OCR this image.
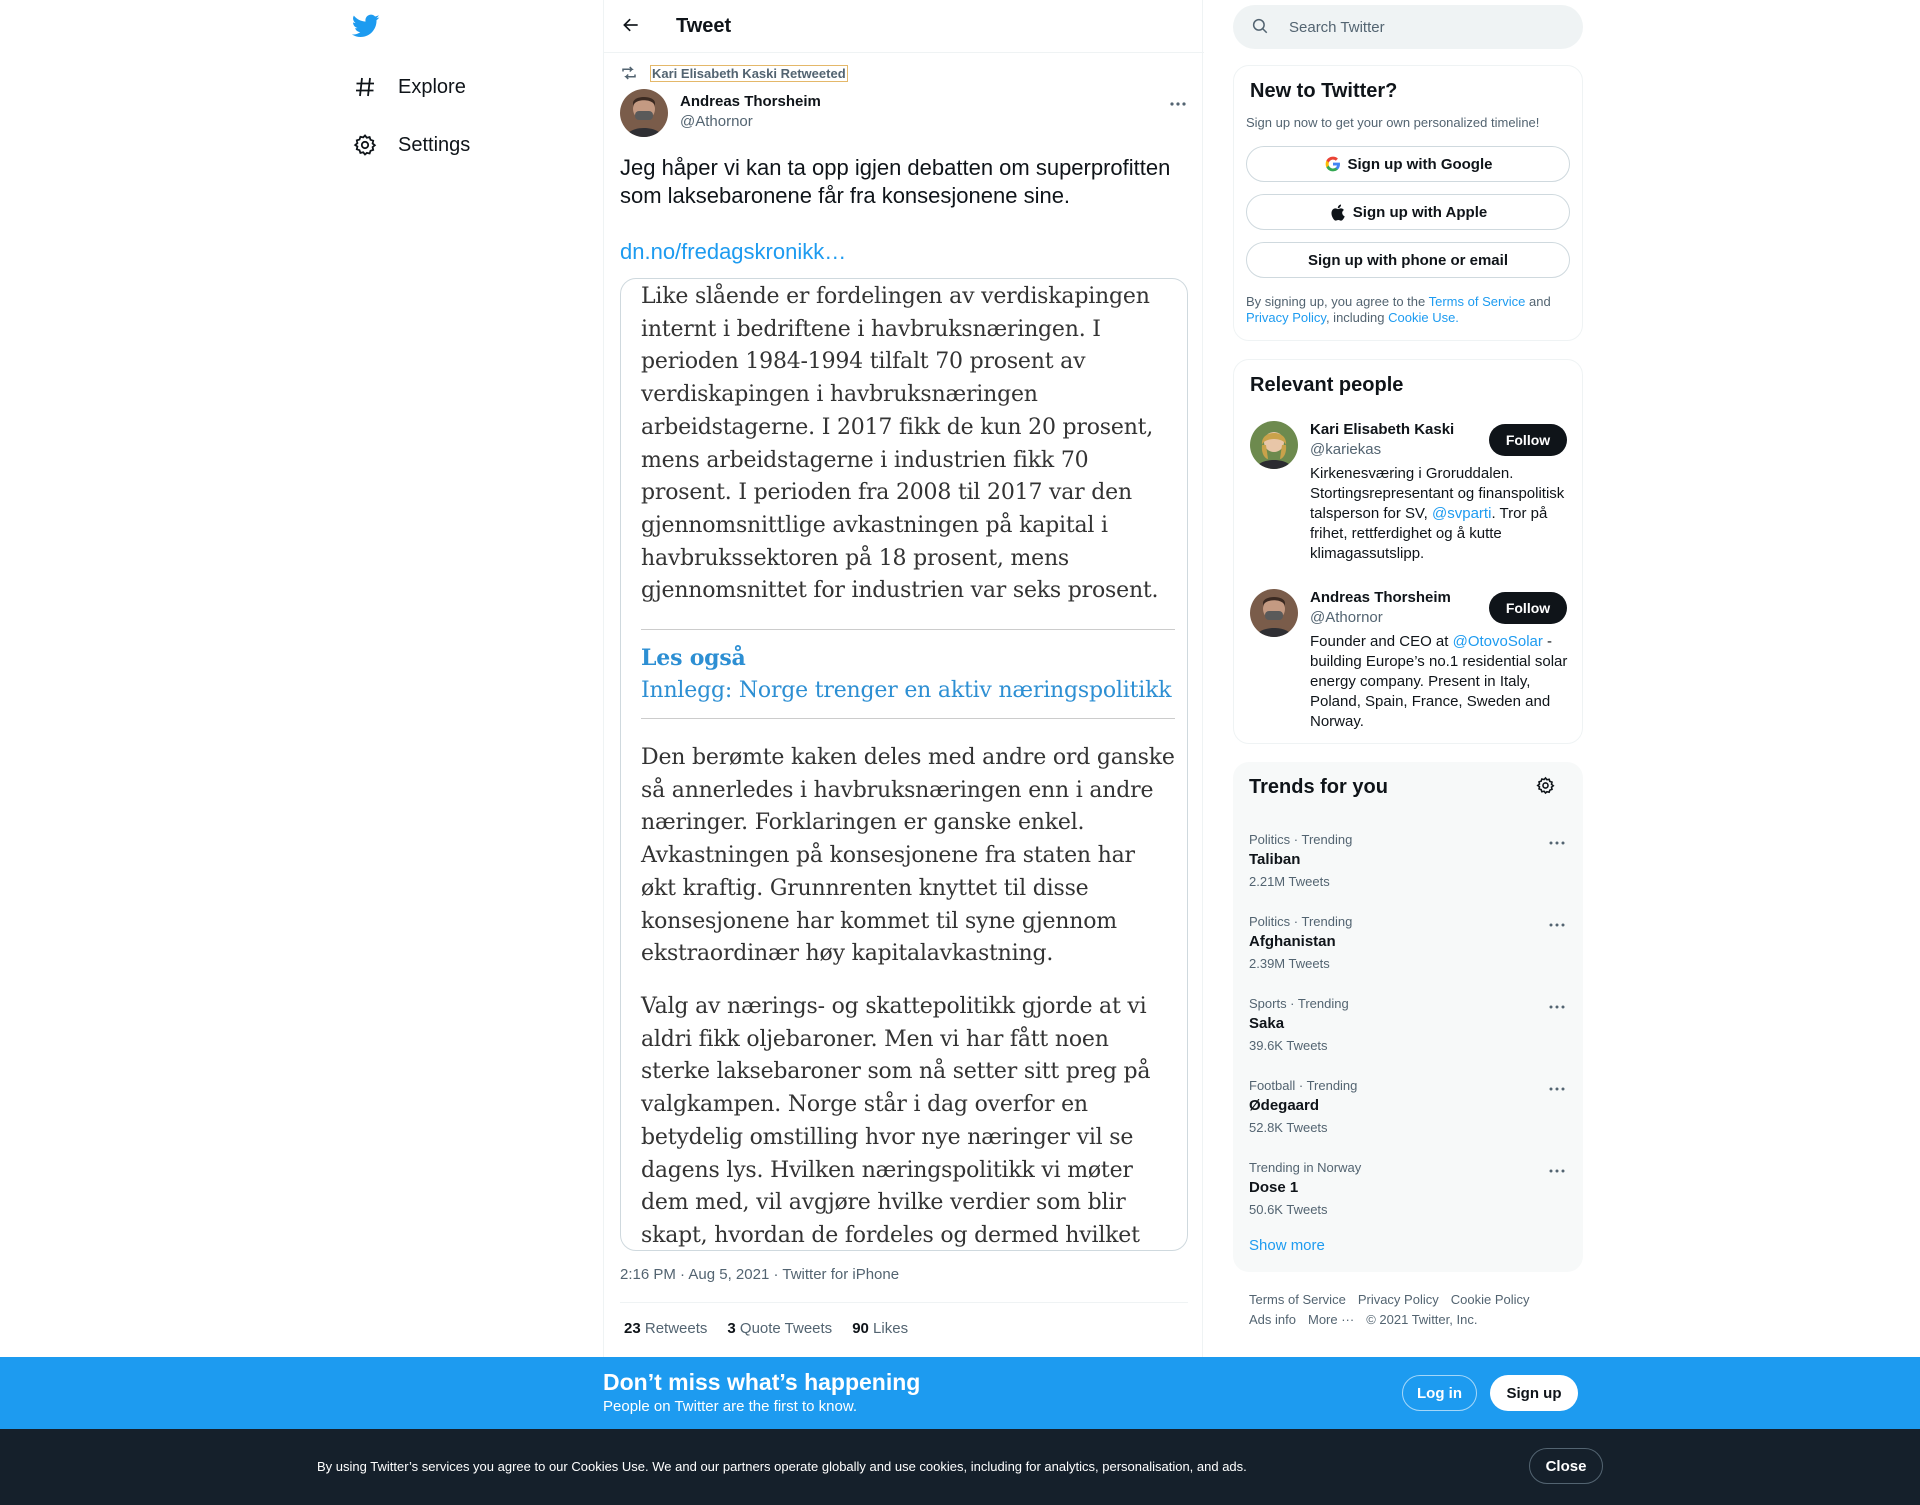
Explore
Settings
Tweet
Kari Elisabeth Kaski Retweeted
Andreas Thorsheim
@Athornor
Jeg håper vi kan ta opp igjen debatten om superprofitten som laksebaronene får fra konsesjonene sine.
dn.no/fredagskronikk…

Like slående er fordelingen av verdiskapingen internt i bedriftene i havbruksnæringen. I perioden 1984-1994 tilfalt 70 prosent av verdiskapingen i havbruksnæringen arbeidstagerne. I 2017 fikk de kun 20 prosent, mens arbeidstagerne i industrien fikk 70 prosent. I perioden fra 2008 til 2017 var den gjennomsnittlige avkastningen på kapital i havbrukssektoren på 18 prosent, mens gjennomsnittet for industrien var seks prosent.

Les også

Innlegg: Norge trenger en aktiv næringspolitikk

Den berømte kaken deles med andre ord ganske så annerledes i havbruksnæringen enn i andre næringer. Forklaringen er ganske enkel. Avkastningen på konsesjonene fra staten har økt kraftig. Grunnrenten knyttet til disse konsesjonene har kommet til syne gjennom ekstraordinær høy kapitalavkastning.

Valg av nærings- og skattepolitikk gjorde at vi aldri fikk oljebaroner. Men vi har fått noen sterke laksebaroner som nå setter sitt preg på valgkampen. Norge står i dag overfor en betydelig omstilling hvor nye næringer vil se dagens lys. Hvilken næringspolitikk vi møter dem med, vil avgjøre hvilke verdier som blir skapt, hvordan de fordeles og dermed hvilket

2:16 PM · Aug 5, 2021 · Twitter for iPhone
23 Retweets 3 Quote Tweets 90 Likes
Search Twitter
New to Twitter?
Sign up now to get your own personalized timeline!
Sign up with Google
Sign up with Apple
Sign up with phone or email
By signing up, you agree to the Terms of Service and Privacy Policy, including Cookie Use.
Relevant people
Kari Elisabeth Kaski
@kariekas
Follow
Kirkenesværing i Groruddalen. Stortingsrepresentant og finanspolitisk talsperson for SV, @svparti. Tror på frihet, rettferdighet og å kutte klimagassutslipp.
Andreas Thorsheim
@Athornor
Follow
Founder and CEO at @OtovoSolar - building Europe’s no.1 residential solar energy company. Present in Italy, Poland, Spain, France, Sweden and Norway.
Trends for you
Politics · Trending
Taliban
2.21M Tweets
Politics · Trending
Afghanistan
2.39M Tweets
Sports · Trending
Saka
39.6K Tweets
Football · Trending
Ødegaard
52.8K Tweets
Trending in Norway
Dose 1
50.6K Tweets
Show more
Terms of Service Privacy Policy Cookie Policy
Ads info More ··· © 2021 Twitter, Inc.
Don’t miss what’s happening
People on Twitter are the first to know.
Log in	Sign up
By using Twitter’s services you agree to our Cookies Use. We and our partners operate globally and use cookies, including for analytics, personalisation, and ads.	Close
